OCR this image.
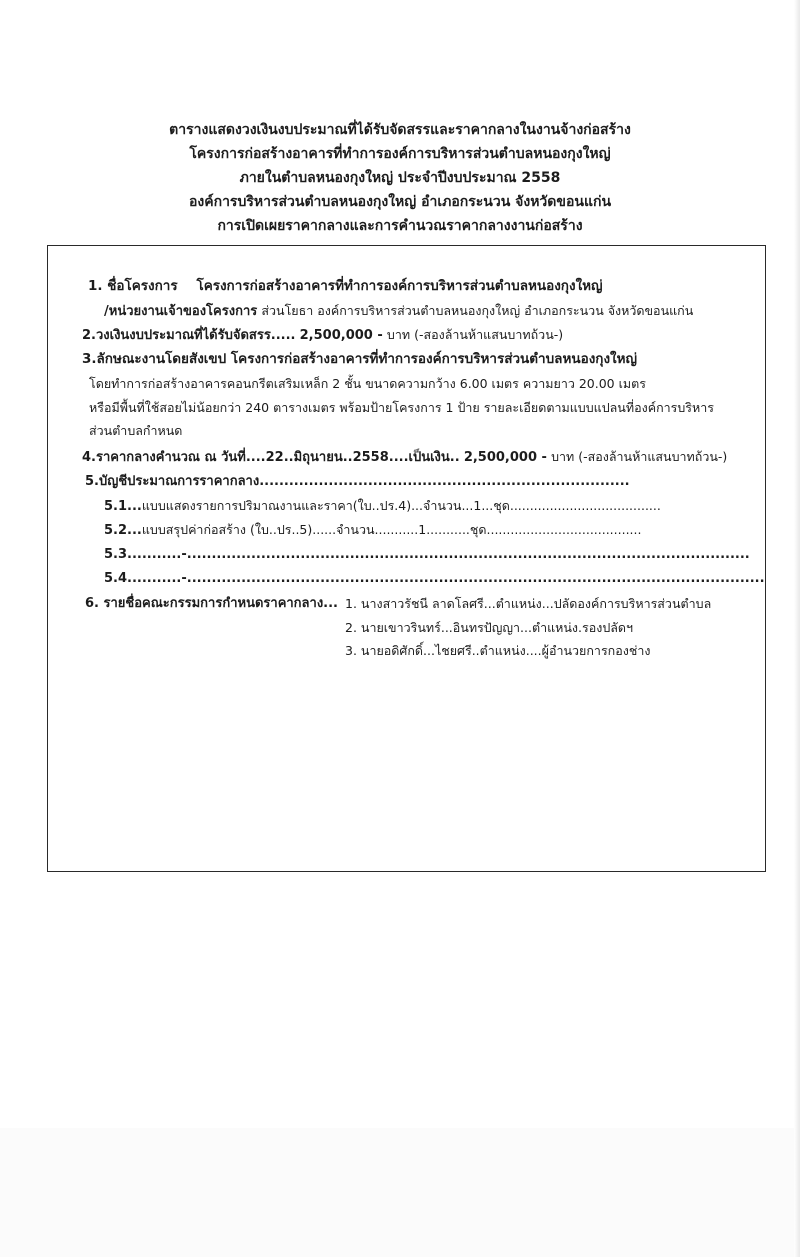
ตารางแสดงวงเงินงบประมาณที่ได้รับจัดสรรและราคากลางในงานจ้างก่อสร้าง
โครงการก่อสร้างอาคารที่ทำการองค์การบริหารส่วนตำบลหนองกุงใหญ่
ภายในตำบลหนองกุงใหญ่ ประจำปีงบประมาณ 2558
องค์การบริหารส่วนตำบลหนองกุงใหญ่ อำเภอกระนวน จังหวัดขอนแก่น
การเปิดเผยราคากลางและการคำนวณราคากลางงานก่อสร้าง
1. ชื่อโครงการ โครงการก่อสร้างอาคารที่ทำการองค์การบริหารส่วนตำบลหนองกุงใหญ่
/หน่วยงานเจ้าของโครงการ ส่วนโยธา องค์การบริหารส่วนตำบลหนองกุงใหญ่ อำเภอกระนวน จังหวัดขอนแก่น
2.วงเงินงบประมาณที่ได้รับจัดสรร..... 2,500,000 - บาท (-สองล้านห้าแสนบาทถ้วน-)
3.ลักษณะงานโดยสังเขป โครงการก่อสร้างอาคารที่ทำการองค์การบริหารส่วนตำบลหนองกุงใหญ่
โดยทำการก่อสร้างอาคารคอนกรีตเสริมเหล็ก 2 ชั้น ขนาดความกว้าง 6.00 เมตร ความยาว 20.00 เมตร
หรือมีพื้นที่ใช้สอยไม่น้อยกว่า 240 ตารางเมตร พร้อมป้ายโครงการ 1 ป้าย รายละเอียดตามแบบแปลนที่องค์การบริหาร
ส่วนตำบลกำหนด
4.ราคากลางคำนวณ ณ วันที่....22..มิถุนายน..2558....เป็นเงิน.. 2,500,000 - บาท (-สองล้านห้าแสนบาทถ้วน-)
5.บัญชีประมาณการราคากลาง...........................................................................
5.1...แบบแสดงรายการปริมาณงานและราคา(ใบ..ปร.4)...จำนวน...1...ชุด......................................
5.2...แบบสรุปค่าก่อสร้าง (ใบ..ปร..5)......จำนวน...........1...........ชุด.......................................
5.3...........-..................................................................................................................
5.4...........-.....................................................................................................................
6. รายชื่อคณะกรรมการกำหนดราคากลาง... 1. นางสาวรัชนี ลาดโลศรี...ตำแหน่ง...ปลัดองค์การบริหารส่วนตำบล
2. นายเขาวรินทร์...อินทรปัญญา...ตำแหน่ง.รองปลัดฯ
3. นายอดิศักดิ์...ไชยศรี..ตำแหน่ง....ผู้อำนวยการกองช่าง
